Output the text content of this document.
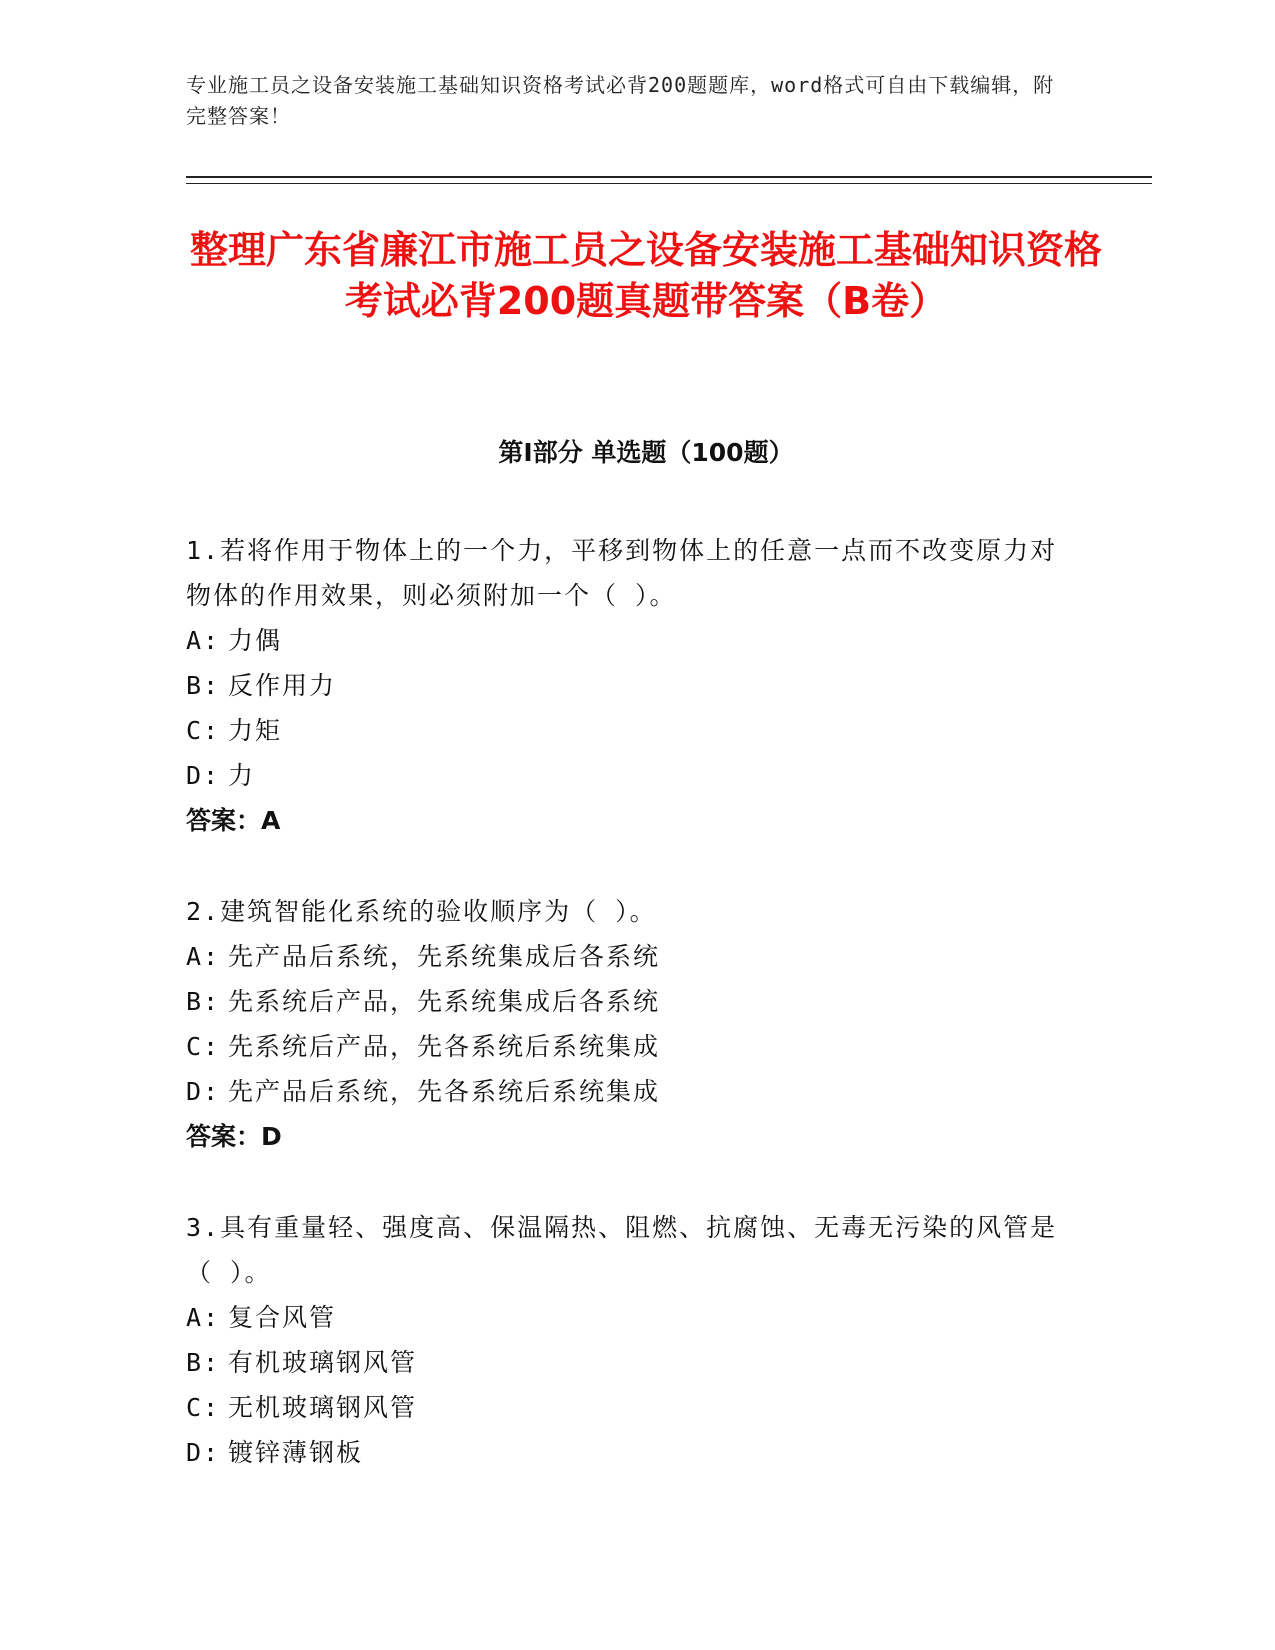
专业施工员之设备安装施工基础知识资格考试必背200题题库，word格式可自由下载编辑，附完整答案！
整理广东省廉江市施工员之设备安装施工基础知识资格考试必背200题真题带答案（B卷）
第I部分 单选题（100题）
1.若将作用于物体上的一个力，平移到物体上的任意一点而不改变原力对物体的作用效果，则必须附加一个（ ）。
A: 力偶
B: 反作用力
C: 力矩
D: 力
答案：A
2.建筑智能化系统的验收顺序为（ ）。
A: 先产品后系统，先系统集成后各系统
B: 先系统后产品，先系统集成后各系统
C: 先系统后产品，先各系统后系统集成
D: 先产品后系统，先各系统后系统集成
答案：D
3.具有重量轻、强度高、保温隔热、阻燃、抗腐蚀、无毒无污染的风管是（ ）。
A: 复合风管
B: 有机玻璃钢风管
C: 无机玻璃钢风管
D: 镀锌薄钢板
